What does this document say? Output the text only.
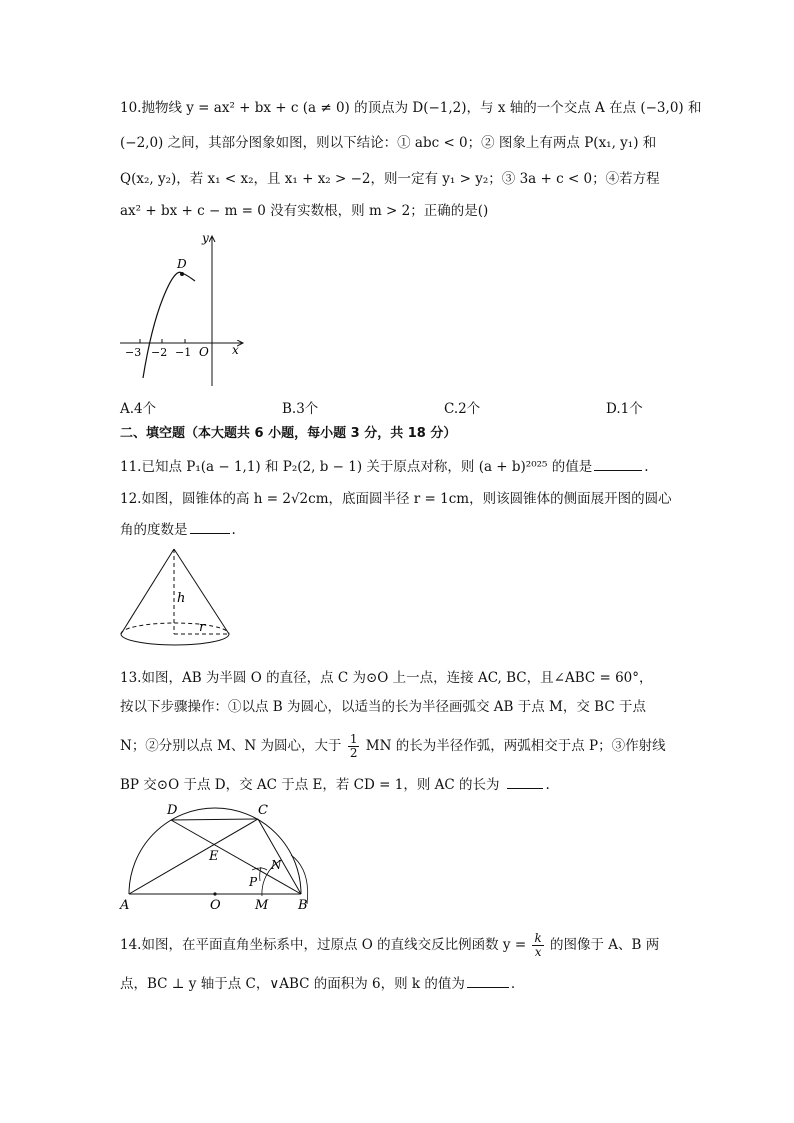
10.抛物线 y = ax² + bx + c (a ≠ 0) 的顶点为 D(−1,2)，与 x 轴的一个交点 A 在点 (−3,0) 和
(−2,0) 之间，其部分图象如图，则以下结论：① abc < 0；② 图象上有两点 P(x₁, y₁) 和
Q(x₂, y₂)，若 x₁ < x₂，且 x₁ + x₂ > −2，则一定有 y₁ > y₂；③ 3a + c < 0；④若方程
ax² + bx + c − m = 0 没有实数根，则 m > 2；正确的是()
y
x
O
D
−3 −2 −1
A.4个	B.3个	C.2个	D.1个
二、填空题（本大题共 6 小题，每小题 3 分，共 18 分）
11.已知点 P₁(a − 1,1) 和 P₂(2, b − 1) 关于原点对称，则 (a + b)²⁰²⁵ 的值是	.
12.如图，圆锥体的高 h = 2√2cm，底面圆半径 r = 1cm，则该圆锥体的侧面展开图的圆心
角的度数是	.
h
r
13.如图，AB 为半圆 O 的直径，点 C 为⊙O 上一点，连接 AC, BC，且∠ABC = 60°，
按以下步骤操作：①以点 B 为圆心，以适当的长为半径画弧交 AB 于点 M，交 BC 于点
N；②分别以点 M、N 为圆心，大于 $\frac{1}{2}$ MN 的长为半径作弧，两弧相交于点 P；③作射线
BP 交⊙O 于点 D，交 AC 于点 E，若 CD = 1，则 AC 的长为	.
D	C
E
N
P
A	O	M B
14.如图，在平面直角坐标系中，过原点 O 的直线交反比例函数 $y = \frac{k}{x}$ 的图像于 A、B 两
点，BC ⊥ y 轴于点 C，∨ABC 的面积为 6，则 k 的值为	.
